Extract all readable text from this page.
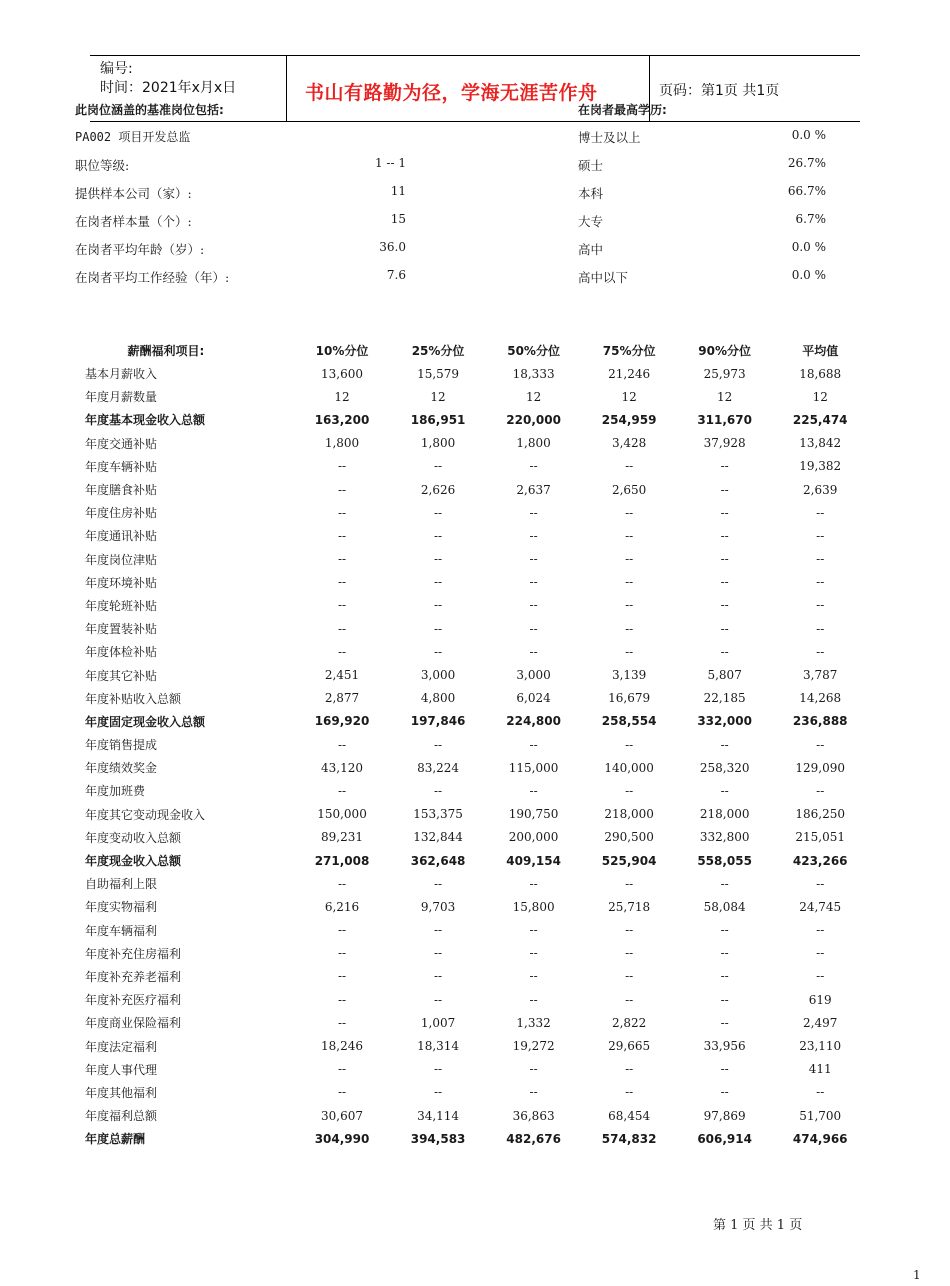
编号:
时间：2021年x月x日	书山有路勤为径，学海无涯苦作舟	页码：第1页 共1页
此岗位涵盖的基准岗位包括:	在岗者最高学历:
PA002 项目开发总监
职位等级:	1 -- 1
提供样本公司（家）:	11
在岗者样本量（个）:	15
在岗者平均年龄（岁）:	36.0
在岗者平均工作经验（年）:	7.6
博士及以上	0.0 %
硕士	26.7%
本科	66.7%
大专	6.7%
高中	0.0 %
高中以下	0.0 %
薪酬福利项目:	10%分位	25%分位	50%分位	75%分位	90%分位	平均值
基本月薪收入	13,600	15,579	18,333	21,246	25,973	18,688
年度月薪数量	12	12	12	12	12	12
年度基本现金收入总额	163,200	186,951	220,000	254,959	311,670	225,474
年度交通补贴	1,800	1,800	1,800	3,428	37,928	13,842
年度车辆补贴	--	--	--	--	--	19,382
年度膳食补贴	--	2,626	2,637	2,650	--	2,639
年度住房补贴	--	--	--	--	--	--
年度通讯补贴	--	--	--	--	--	--
年度岗位津贴	--	--	--	--	--	--
年度环境补贴	--	--	--	--	--	--
年度轮班补贴	--	--	--	--	--	--
年度置装补贴	--	--	--	--	--	--
年度体检补贴	--	--	--	--	--	--
年度其它补贴	2,451	3,000	3,000	3,139	5,807	3,787
年度补贴收入总额	2,877	4,800	6,024	16,679	22,185	14,268
年度固定现金收入总额	169,920	197,846	224,800	258,554	332,000	236,888
年度销售提成	--	--	--	--	--	--
年度绩效奖金	43,120	83,224	115,000	140,000	258,320	129,090
年度加班费	--	--	--	--	--	--
年度其它变动现金收入	150,000	153,375	190,750	218,000	218,000	186,250
年度变动收入总额	89,231	132,844	200,000	290,500	332,800	215,051
年度现金收入总额	271,008	362,648	409,154	525,904	558,055	423,266
自助福利上限	--	--	--	--	--	--
年度实物福利	6,216	9,703	15,800	25,718	58,084	24,745
年度车辆福利	--	--	--	--	--	--
年度补充住房福利	--	--	--	--	--	--
年度补充养老福利	--	--	--	--	--	--
年度补充医疗福利	--	--	--	--	--	619
年度商业保险福利	--	1,007	1,332	2,822	--	2,497
年度法定福利	18,246	18,314	19,272	29,665	33,956	23,110
年度人事代理	--	--	--	--	--	411
年度其他福利	--	--	--	--	--	--
年度福利总额	30,607	34,114	36,863	68,454	97,869	51,700
年度总薪酬	304,990	394,583	482,676	574,832	606,914	474,966
第 1 页 共 1 页
1
